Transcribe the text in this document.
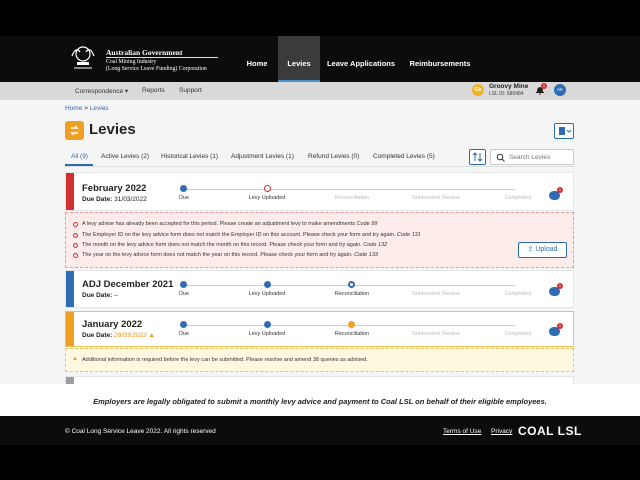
Australian Government
Coal Mining Industry
(Long Service Leave Funding) Corporation
Home	Levies	Leave Applications	Reimbursements
Correspondence ▾ Reports Support	Gb	Groovy Mine
LSL ID: 680484
1
AK
Home > Levies
Levies
All (9) Active Levies (2) Historical Levies (1) Adjustment Levies (1) Refund Levies (0) Completed Levies (5)
Search Levies
February 2022
Due Date: 31/03/2022	Due	Levy Uploaded	Reconciliation	Submission Review	Completed
1
A levy advise has already been accepted for this period. Please create an adjustment levy to make amendments Code 99
The Employer ID on the levy advice form does not match the Employer ID on this account. Please check your form and try again. Code 131
The month on the levy advice form does not match the month on this record. Please check your form and try again. Code 132
The year on the levy advice form does not match the year on this record. Please check your form and try again. Code 133
⇪ Upload
ADJ December 2021
Due Date: --	Due	Levy Uploaded	Reconciliation	Submission Review	Completed
1
January 2022
Due Date: 28/03/2022 ▲	Due	Levy Uploaded	Reconciliation	Submission Review	Completed
1
▲ Additional information is required before the levy can be submitted. Please resolve and amend 38 queries as advised.
Employers are legally obligated to submit a monthly levy advice and payment to Coal LSL on behalf of their eligible employees.
© Coal Long Service Leave 2022. All rights reserved	Terms of Use Privacy COAL LSL
